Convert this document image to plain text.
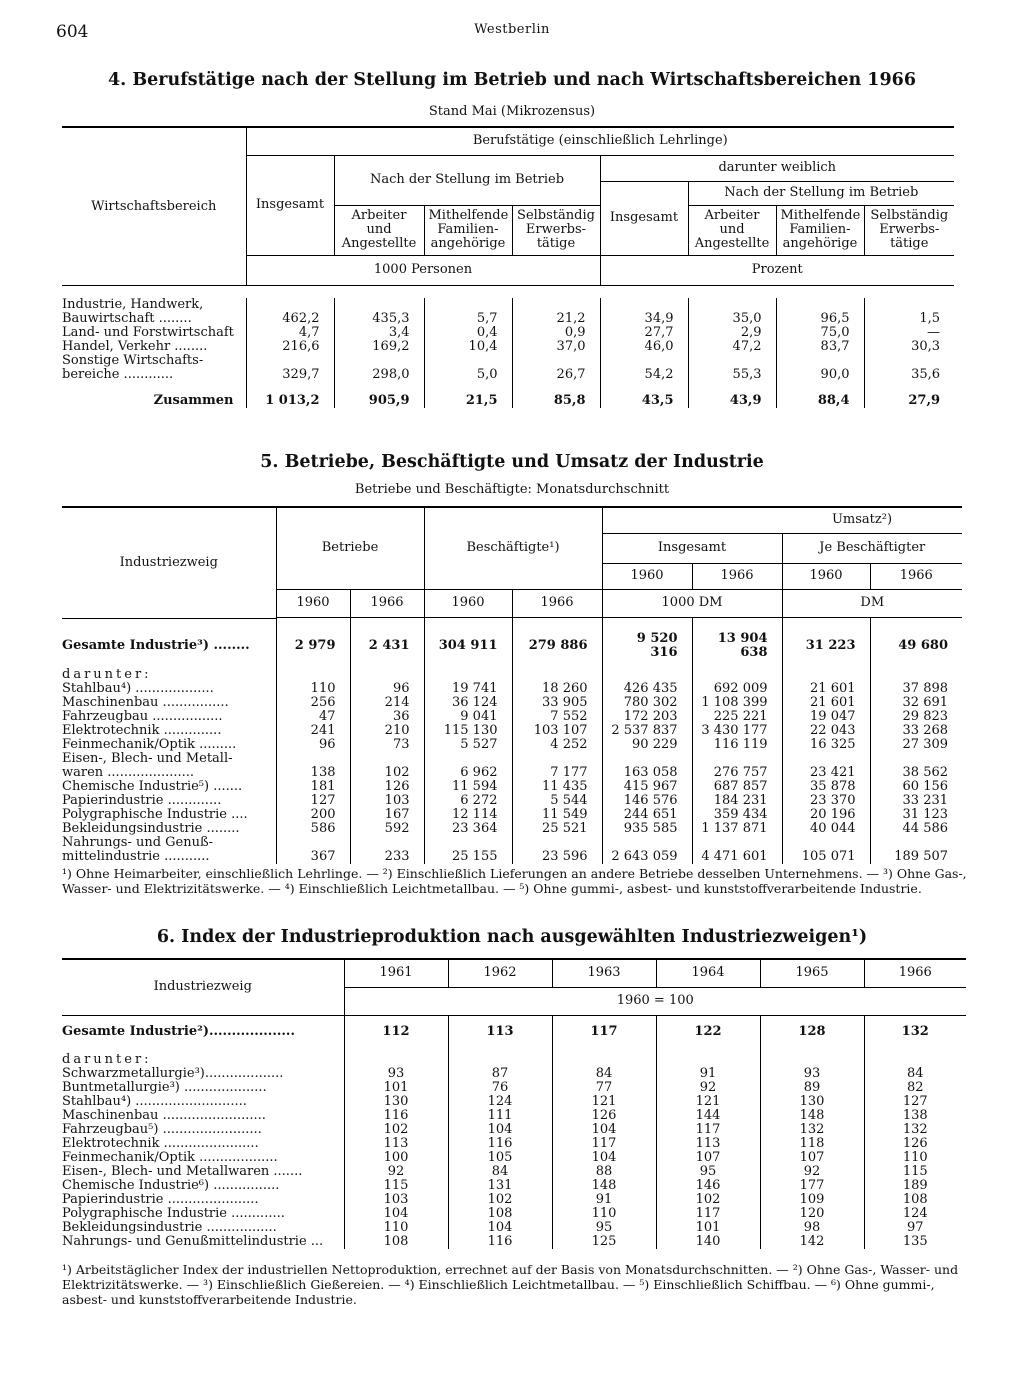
604	Westberlin
4. Berufstätige nach der Stellung im Betrieb und nach Wirtschaftsbereichen 1966
Stand Mai (Mikrozensus)
Wirtschaftsbereich	Berufstätige (einschließlich Lehrlinge)							
	Insgesamt	Nach der Stellung im Betrieb			darunter weiblich			
					Insgesamt	Nach der Stellung im Betrieb		
		Arbeiter und Angestellte	Mithelfende Familienangehörige	Selbständig Erwerbstätige		Arbeiter und Angestellte	Mithelfende Familienangehörige	Selbständig Erwerbstätige
	1000 Personen				Prozent			

Industrie, Handwerk,
Bauwirtschaft ........	462,2	435,3	5,7	21,2	34,9	35,0	96,5	1,5

Land- und Forstwirtschaft	4,7	3,4	0,4	0,9	27,7	2,9	75,0	—

Handel, Verkehr ........	216,6	169,2	10,4	37,0	46,0	47,2	83,7	30,3

Sonstige Wirtschafts-
bereiche ............	329,7	298,0	5,0	26,7	54,2	55,3	90,0	35,6

Zusammen	1 013,2	905,9	21,5	85,8	43,5	43,9	88,4	27,9
5. Betriebe, Beschäftigte und Umsatz der Industrie
Betriebe und Beschäftigte: Monatsdurchschnitt
Industriezweig	Betriebe		Beschäftigte¹)		Umsatz²)			
					Insgesamt		Je Beschäftigter	
					1960	1966	1960	1966
	1960	1966	1960	1966	1000 DM		DM	

Gesamte Industrie³) ........	2 979	2 431	304 911	279 886	9 520 316	13 904 638	31 223	49 680

darunter:								

Stahlbau⁴) ...................	110	96	19 741	18 260	426 435	692 009	21 601	37 898

Maschinenbau ................	256	214	36 124	33 905	780 302	1 108 399	21 601	32 691

Fahrzeugbau .................	47	36	9 041	7 552	172 203	225 221	19 047	29 823

Elektrotechnik ..............	241	210	115 130	103 107	2 537 837	3 430 177	22 043	33 268

Feinmechanik/Optik .........	96	73	5 527	4 252	90 229	116 119	16 325	27 309

Eisen-, Blech- und Metall-
waren .....................	138	102	6 962	7 177	163 058	276 757	23 421	38 562

Chemische Industrie⁵) .......	181	126	11 594	11 435	415 967	687 857	35 878	60 156

Papierindustrie .............	127	103	6 272	5 544	146 576	184 231	23 370	33 231

Polygraphische Industrie ....	200	167	12 114	11 549	244 651	359 434	20 196	31 123

Bekleidungsindustrie ........	586	592	23 364	25 521	935 585	1 137 871	40 044	44 586

Nahrungs- und Genuß-
mittelindustrie ...........	367	233	25 155	23 596	2 643 059	4 471 601	105 071	189 507
¹) Ohne Heimarbeiter, einschließlich Lehrlinge. — ²) Einschließlich Lieferungen an andere Betriebe desselben Unternehmens. — ³) Ohne Gas-, Wasser- und Elektrizitätswerke. — ⁴) Einschließlich Leichtmetallbau. — ⁵) Ohne gummi-, asbest- und kunststoffverarbeitende Industrie.
6. Index der Industrieproduktion nach ausgewählten Industriezweigen¹)
Industriezweig	1961	1962	1963	1964	1965	1966
	1960 = 100					

Gesamte Industrie²)...................	112	113	117	122	128	132

darunter:						
Schwarzmetallurgie³)...................	93	87	84	91	93	84
Buntmetallurgie³) ....................	101	76	77	92	89	82
Stahlbau⁴) ...........................	130	124	121	121	130	127
Maschinenbau .........................	116	111	126	144	148	138
Fahrzeugbau⁵) ........................	102	104	104	117	132	132
Elektrotechnik .......................	113	116	117	113	118	126
Feinmechanik/Optik ...................	100	105	104	107	107	110
Eisen-, Blech- und Metallwaren .......	92	84	88	95	92	115
Chemische Industrie⁶) ................	115	131	148	146	177	189
Papierindustrie ......................	103	102	91	102	109	108
Polygraphische Industrie .............	104	108	110	117	120	124
Bekleidungsindustrie .................	110	104	95	101	98	97
Nahrungs- und Genußmittelindustrie ...	108	116	125	140	142	135
¹) Arbeitstäglicher Index der industriellen Nettoproduktion, errechnet auf der Basis von Monatsdurchschnitten. — ²) Ohne Gas-, Wasser- und Elektrizitätswerke. — ³) Einschließlich Gießereien. — ⁴) Einschließlich Leichtmetallbau. — ⁵) Einschließlich Schiffbau. — ⁶) Ohne gummi-, asbest- und kunststoffverarbeitende Industrie.
